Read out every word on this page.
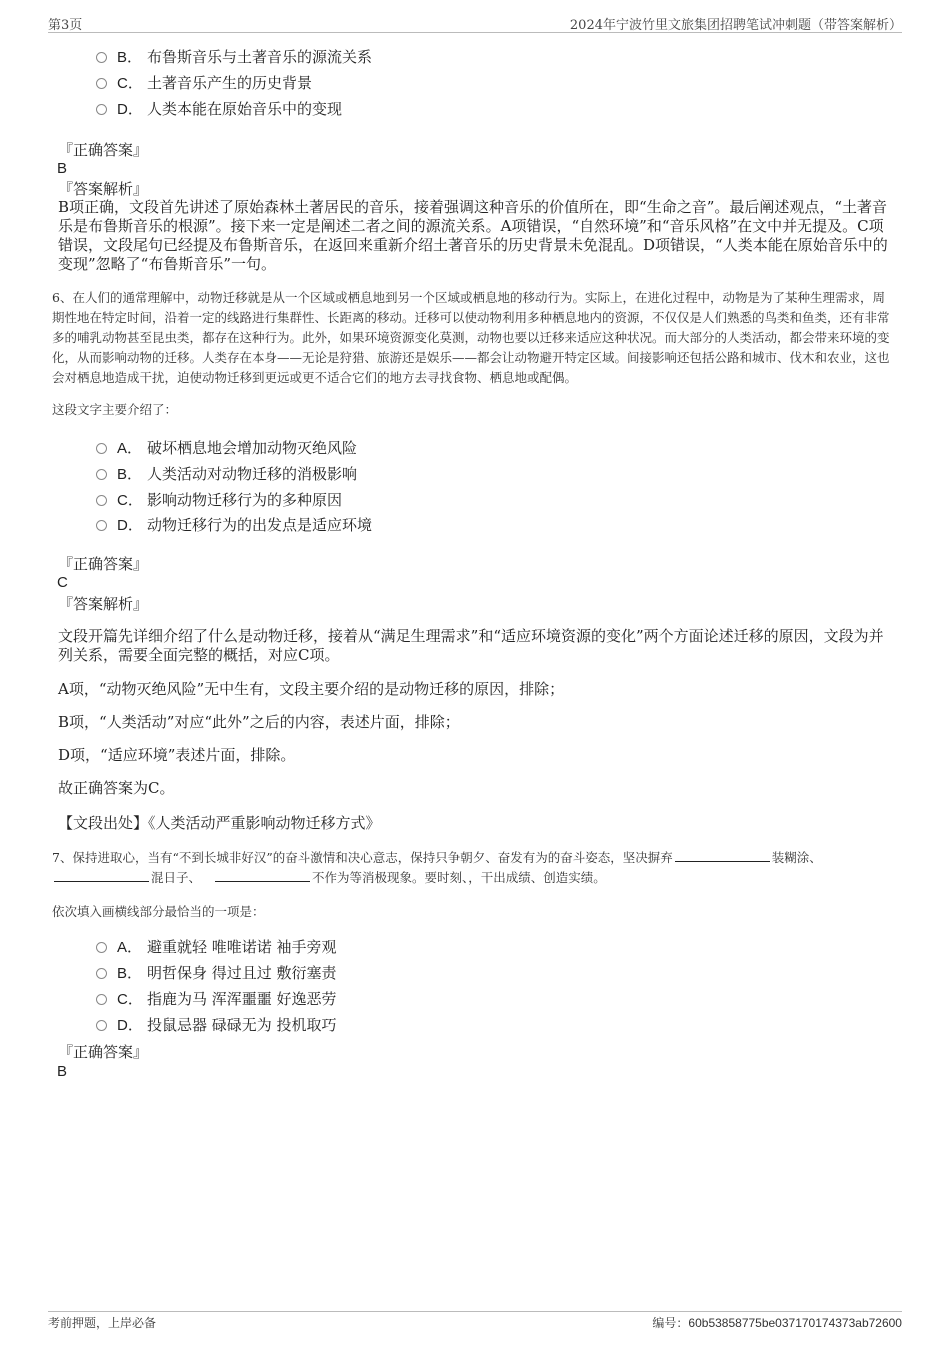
第3页	2024年宁波竹里文旅集团招聘笔试冲刺题（带答案解析）
B． 布鲁斯音乐与土著音乐的源流关系
C． 土著音乐产生的历史背景
D． 人类本能在原始音乐中的变现
『正确答案』
B
『答案解析』
B项正确，文段首先讲述了原始森林土著居民的音乐，接着强调这种音乐的价值所在，即“生命之音”。最后阐述观点，“土著音乐是布鲁斯音乐的根源”。接下来一定是阐述二者之间的源流关系。A项错误，“自然环境”和“音乐风格”在文中并无提及。C项错误，文段尾句已经提及布鲁斯音乐，在返回来重新介绍土著音乐的历史背景未免混乱。D项错误，“人类本能在原始音乐中的变现”忽略了“布鲁斯音乐”一句。
6、在人们的通常理解中，动物迁移就是从一个区域或栖息地到另一个区域或栖息地的移动行为。实际上，在进化过程中，动物是为了某种生理需求，周期性地在特定时间，沿着一定的线路进行集群性、长距离的移动。迁移可以使动物利用多种栖息地内的资源，不仅仅是人们熟悉的鸟类和鱼类，还有非常多的哺乳动物甚至昆虫类，都存在这种行为。此外，如果环境资源变化莫测，动物也要以迁移来适应这种状况。而大部分的人类活动，都会带来环境的变化，从而影响动物的迁移。人类存在本身——无论是狩猎、旅游还是娱乐——都会让动物避开特定区域。间接影响还包括公路和城市、伐木和农业，这也会对栖息地造成干扰，迫使动物迁移到更远或更不适合它们的地方去寻找食物、栖息地或配偶。
这段文字主要介绍了：
A． 破坏栖息地会增加动物灭绝风险
B． 人类活动对动物迁移的消极影响
C． 影响动物迁移行为的多种原因
D． 动物迁移行为的出发点是适应环境
『正确答案』
C
『答案解析』
文段开篇先详细介绍了什么是动物迁移，接着从“满足生理需求”和“适应环境资源的变化”两个方面论述迁移的原因，文段为并列关系，需要全面完整的概括，对应C项。
A项，“动物灭绝风险”无中生有，文段主要介绍的是动物迁移的原因，排除；
B项，“人类活动”对应“此外”之后的内容，表述片面，排除；
D项，“适应环境”表述片面，排除。
故正确答案为C。
【文段出处】《人类活动严重影响动物迁移方式》
7、保持进取心，当有“不到长城非好汉”的奋斗激情和决心意志，保持只争朝夕、奋发有为的奋斗姿态，坚决摒弃	装糊涂、
混日子、	不作为等消极现象。要时刻、，干出成绩、创造实绩。
依次填入画横线部分最恰当的一项是：
A． 避重就轻 唯唯诺诺 袖手旁观
B． 明哲保身 得过且过 敷衍塞责
C． 指鹿为马 浑浑噩噩 好逸恶劳
D． 投鼠忌器 碌碌无为 投机取巧
『正确答案』
B
考前押题，上岸必备	编号：60b53858775be037170174373ab72600
